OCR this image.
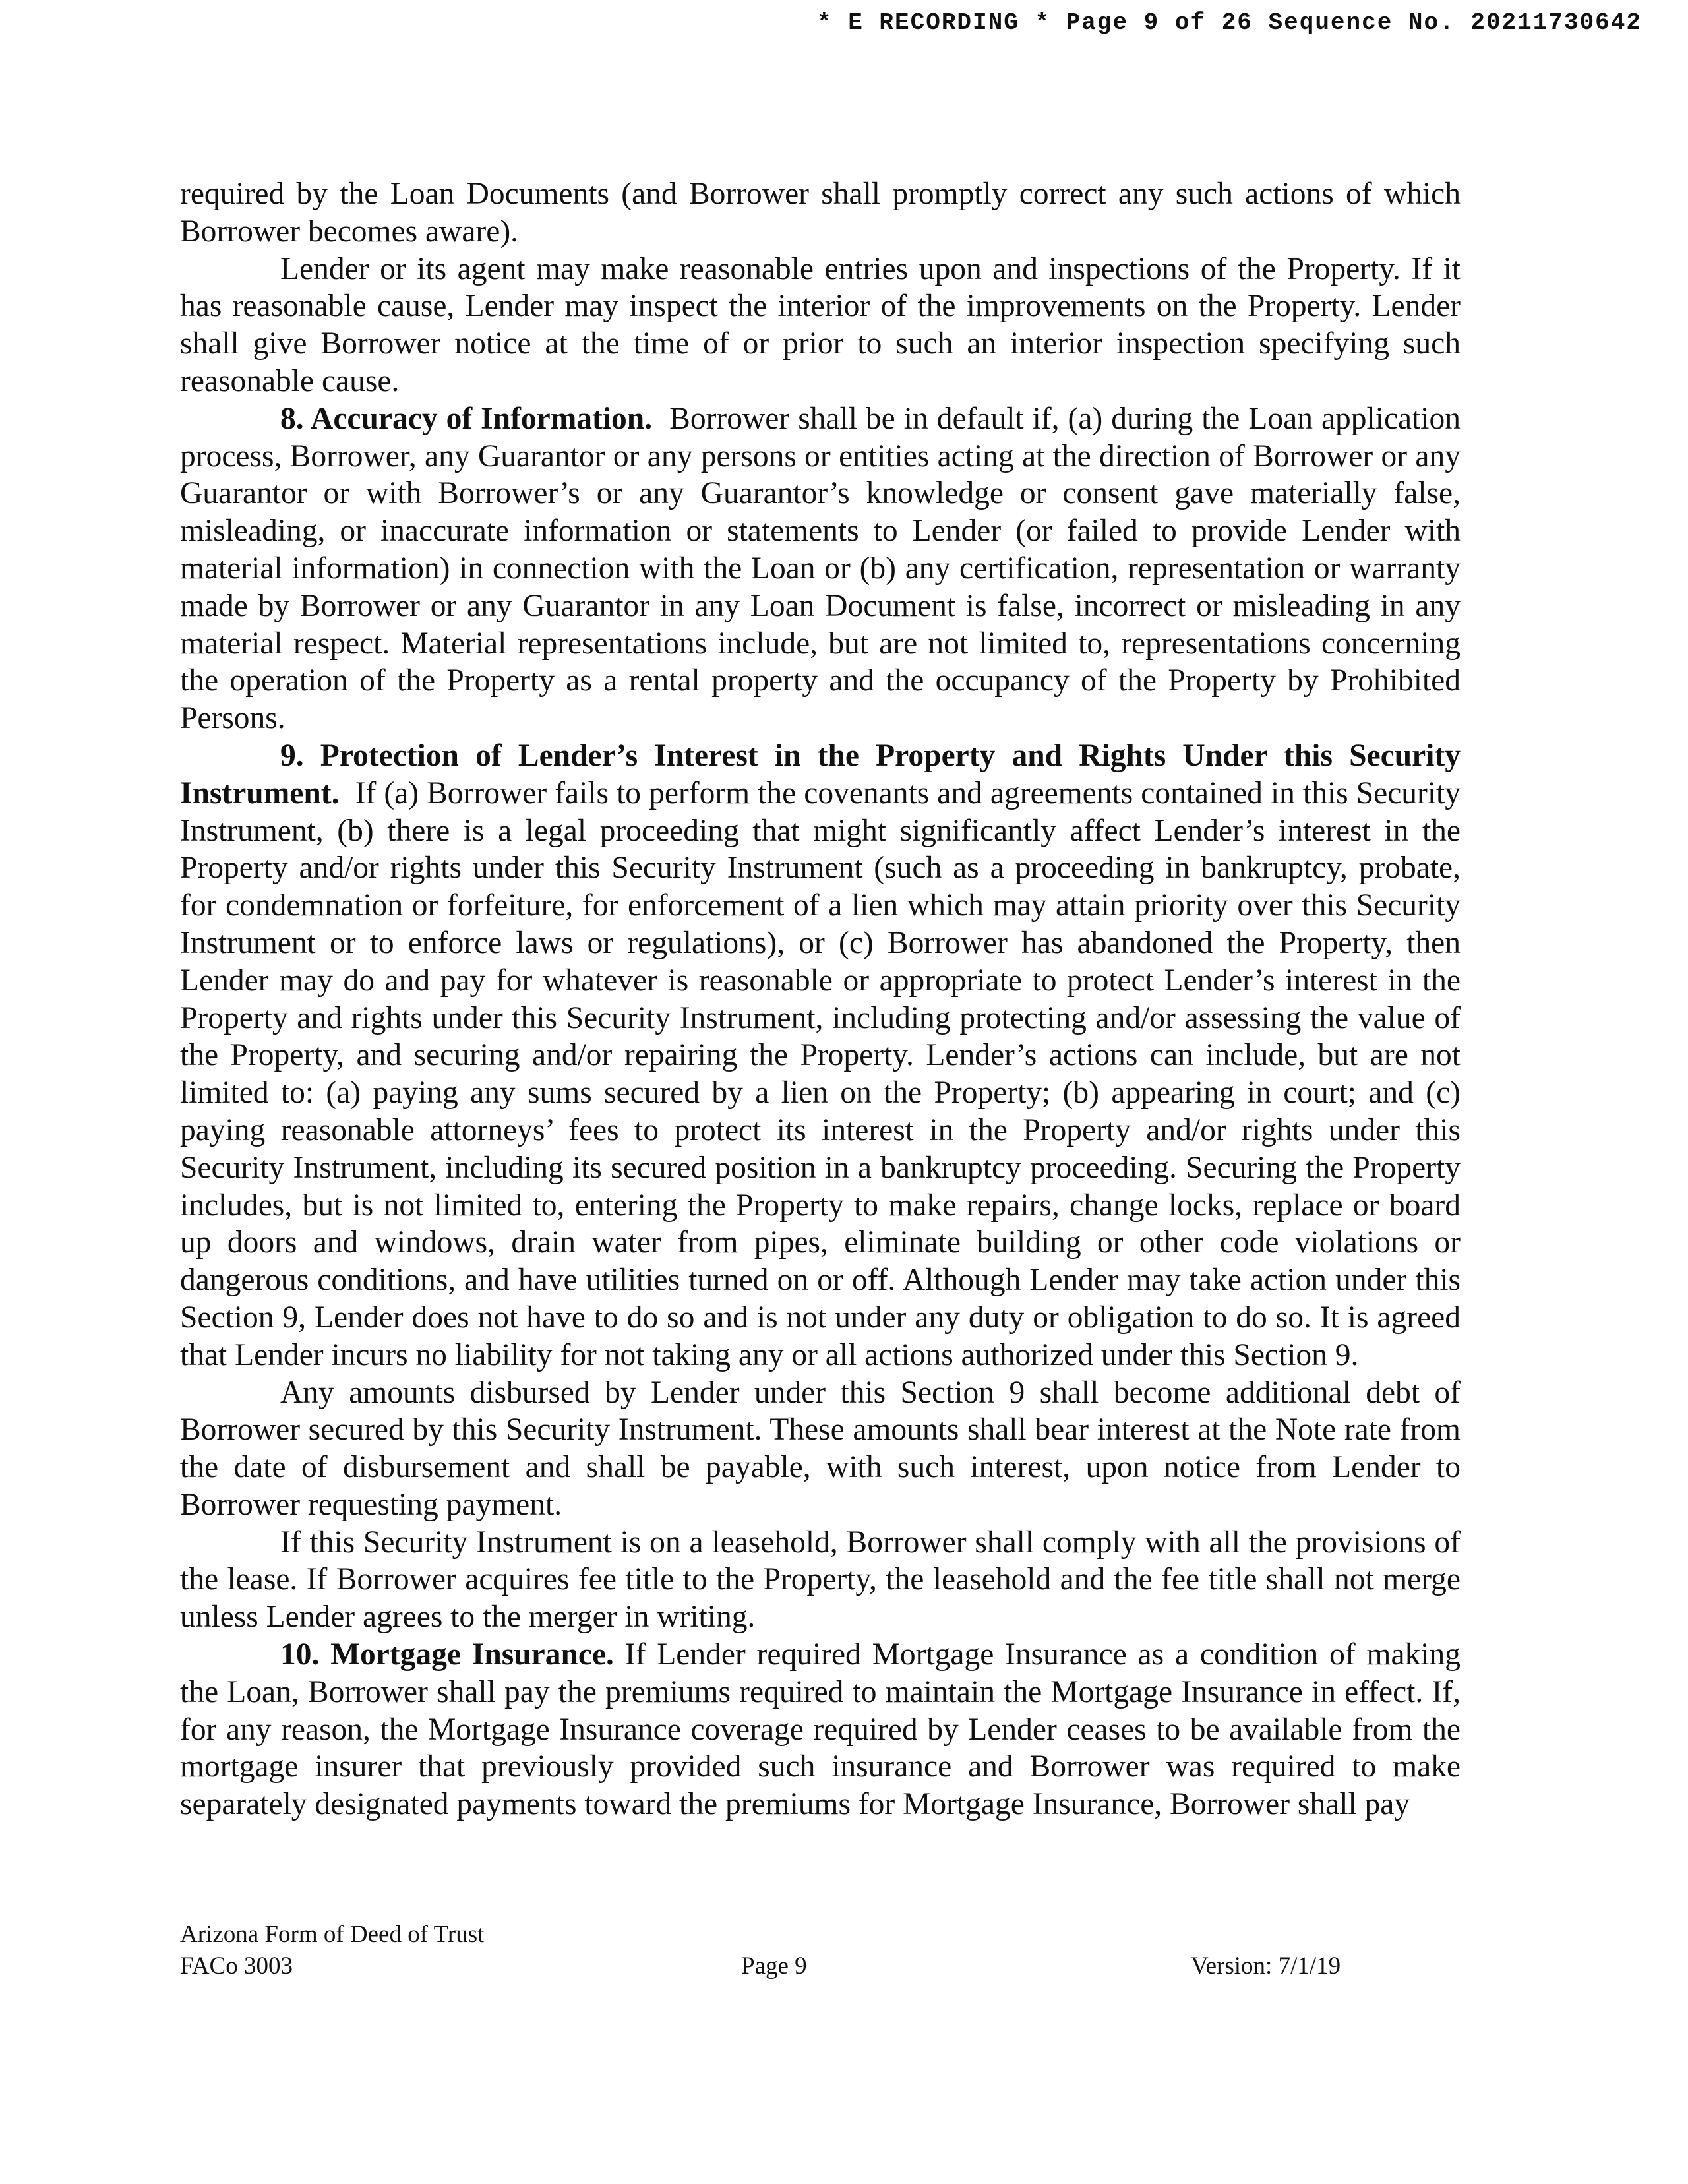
* E RECORDING * Page 9 of 26 Sequence No. 20211730642

required by the Loan Documents (and Borrower shall promptly correct any such actions of which Borrower becomes aware).

Lender or its agent may make reasonable entries upon and inspections of the Property. If it has reasonable cause, Lender may inspect the interior of the improvements on the Property. Lender shall give Borrower notice at the time of or prior to such an interior inspection specifying such reasonable cause.

8. Accuracy of Information. Borrower shall be in default if, (a) during the Loan application process, Borrower, any Guarantor or any persons or entities acting at the direction of Borrower or any Guarantor or with Borrower’s or any Guarantor’s knowledge or consent gave materially false, misleading, or inaccurate information or statements to Lender (or failed to provide Lender with material information) in connection with the Loan or (b) any certification, representation or warranty made by Borrower or any Guarantor in any Loan Document is false, incorrect or misleading in any material respect. Material representations include, but are not limited to, representations concerning the operation of the Property as a rental property and the occupancy of the Property by Prohibited Persons.

9. Protection of Lender’s Interest in the Property and Rights Under this Security Instrument. If (a) Borrower fails to perform the covenants and agreements contained in this Security Instrument, (b) there is a legal proceeding that might significantly affect Lender’s interest in the Property and/or rights under this Security Instrument (such as a proceeding in bankruptcy, probate, for condemnation or forfeiture, for enforcement of a lien which may attain priority over this Security Instrument or to enforce laws or regulations), or (c) Borrower has abandoned the Property, then Lender may do and pay for whatever is reasonable or appropriate to protect Lender’s interest in the Property and rights under this Security Instrument, including protecting and/or assessing the value of the Property, and securing and/or repairing the Property. Lender’s actions can include, but are not limited to: (a) paying any sums secured by a lien on the Property; (b) appearing in court; and (c) paying reasonable attorneys’ fees to protect its interest in the Property and/or rights under this Security Instrument, including its secured position in a bankruptcy proceeding. Securing the Property includes, but is not limited to, entering the Property to make repairs, change locks, replace or board up doors and windows, drain water from pipes, eliminate building or other code violations or dangerous conditions, and have utilities turned on or off. Although Lender may take action under this Section 9, Lender does not have to do so and is not under any duty or obligation to do so. It is agreed that Lender incurs no liability for not taking any or all actions authorized under this Section 9.

Any amounts disbursed by Lender under this Section 9 shall become additional debt of Borrower secured by this Security Instrument. These amounts shall bear interest at the Note rate from the date of disbursement and shall be payable, with such interest, upon notice from Lender to Borrower requesting payment.

If this Security Instrument is on a leasehold, Borrower shall comply with all the provisions of the lease. If Borrower acquires fee title to the Property, the leasehold and the fee title shall not merge unless Lender agrees to the merger in writing.

10. Mortgage Insurance. If Lender required Mortgage Insurance as a condition of making the Loan, Borrower shall pay the premiums required to maintain the Mortgage Insurance in effect. If, for any reason, the Mortgage Insurance coverage required by Lender ceases to be available from the mortgage insurer that previously provided such insurance and Borrower was required to make separately designated payments toward the premiums for Mortgage Insurance, Borrower shall pay

Arizona Form of Deed of Trust
FACo 3003	Page 9	Version: 7/1/19
